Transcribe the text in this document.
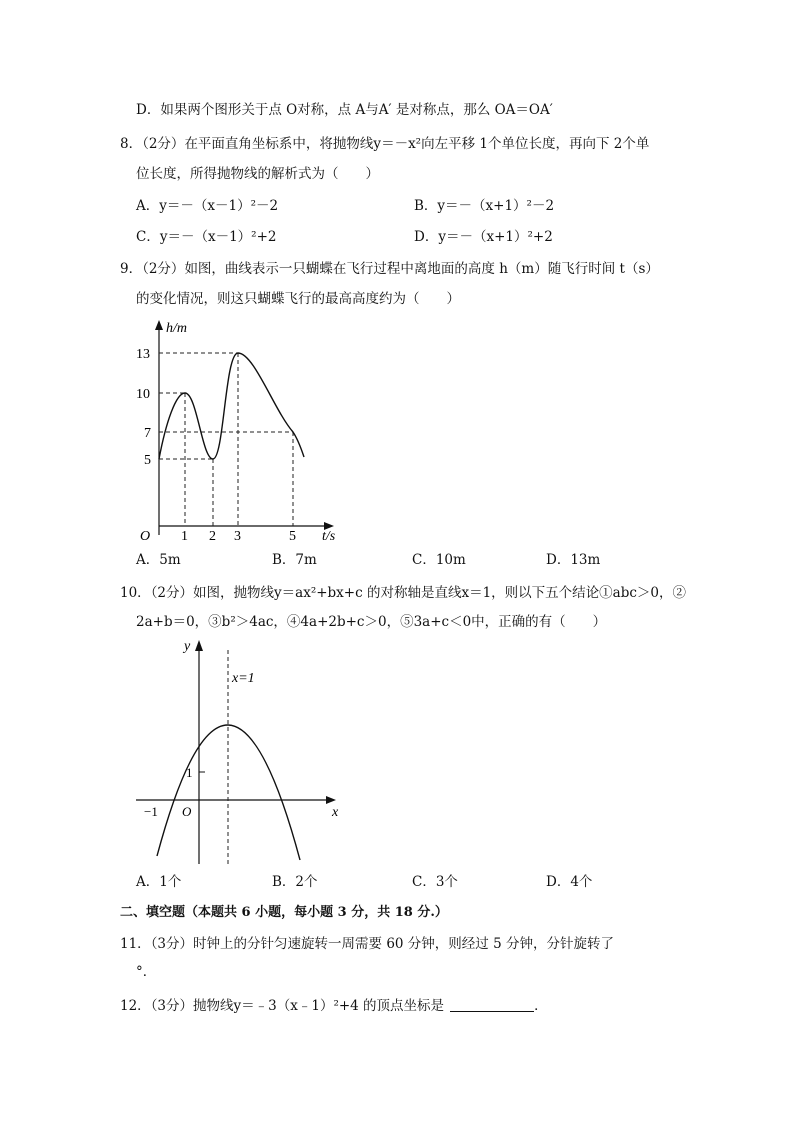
D．如果两个图形关于点 O对称，点 A与A′ 是对称点，那么 OA＝OA′
8．（2分）在平面直角坐标系中，将抛物线y＝－x²向左平移 1个单位长度，再向下 2个单
位长度，所得抛物线的解析式为（　　）
A．y＝－（x－1）²－2	B．y＝－（x+1）²－2
C．y＝－（x－1）²+2	D．y＝－（x+1）²+2
9．（2分）如图，曲线表示一只蝴蝶在飞行过程中离地面的高度 h（m）随飞行时间 t（s）
的变化情况，则这只蝴蝶飞行的最高高度约为（　　）
h/m
t/s
O
13
10
7
5
1 2 3	5
A．5m	B．7m	C．10m	D．13m
10．（2分）如图，抛物线y＝ax²+bx+c 的对称轴是直线x＝1，则以下五个结论①abc＞0，②
2a+b＝0，③b²＞4ac，④4a+2b+c＞0，⑤3a+c＜0中，正确的有（　　）
y
x
O
x=1
1
−1
A．1个	B．2个	C．3个	D．4个
二、填空题（本题共 6 小题，每小题 3 分，共 18 分.）
11．（3分）时钟上的分针匀速旋转一周需要 60 分钟，则经过 5 分钟，分针旋转了
°．
12．（3分）抛物线y＝﹣3（x﹣1）²+4 的顶点坐标是	．
